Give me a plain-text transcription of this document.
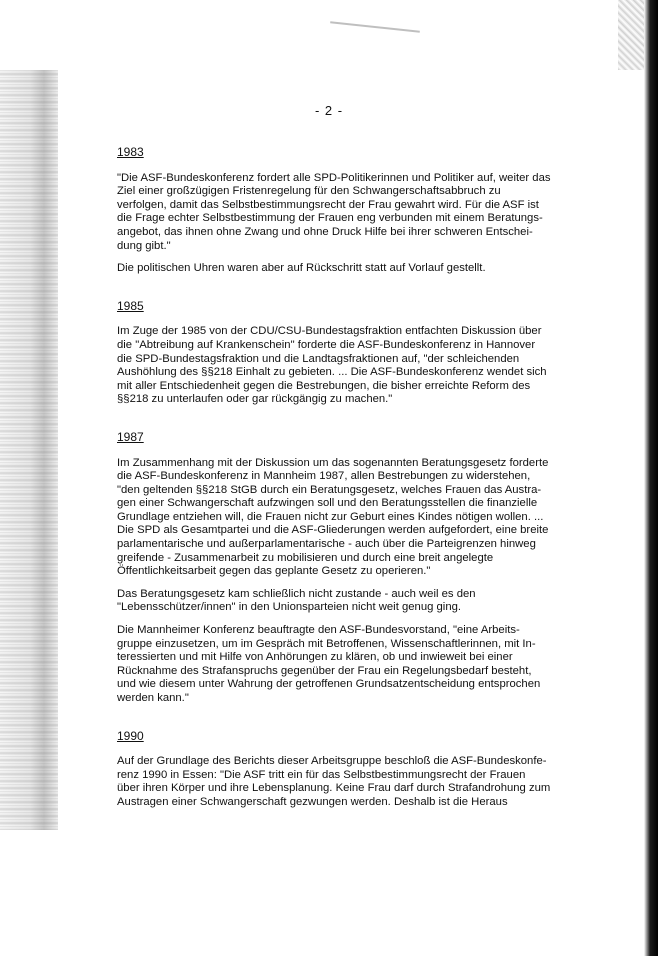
- 2 -
1983

"Die ASF-Bundeskonferenz fordert alle SPD-Politikerinnen und Politiker auf, weiter das Ziel einer großzügigen Fristenregelung für den Schwangerschaftsabbruch zu verfolgen, damit das Selbstbestimmungsrecht der Frau gewahrt wird. Für die ASF ist die Frage echter Selbstbestimmung der Frauen eng verbunden mit einem Beratungs-angebot, das ihnen ohne Zwang und ohne Druck Hilfe bei ihrer schweren Entschei-dung gibt."

Die politischen Uhren waren aber auf Rückschritt statt auf Vorlauf gestellt.

1985

Im Zuge der 1985 von der CDU/CSU-Bundestagsfraktion entfachten Diskussion über die "Abtreibung auf Krankenschein" forderte die ASF-Bundeskonferenz in Hannover die SPD-Bundestagsfraktion und die Landtagsfraktionen auf, "der schleichenden Aushöhlung des §§218 Einhalt zu gebieten. ... Die ASF-Bundeskonferenz wendet sich mit aller Entschiedenheit gegen die Bestrebungen, die bisher erreichte Reform des §§218 zu unterlaufen oder gar rückgängig zu machen."

1987

Im Zusammenhang mit der Diskussion um das sogenannten Beratungsgesetz forderte die ASF-Bundeskonferenz in Mannheim 1987, allen Bestrebungen zu widerstehen, "den geltenden §§218 StGB durch ein Beratungsgesetz, welches Frauen das Austra-gen einer Schwangerschaft aufzwingen soll und den Beratungsstellen die finanzielle Grundlage entziehen will, die Frauen nicht zur Geburt eines Kindes nötigen wollen. ... Die SPD als Gesamtpartei und die ASF-Gliederungen werden aufgefordert, eine breite parlamentarische und außerparlamentarische - auch über die Parteigrenzen hinweg greifende - Zusammenarbeit zu mobilisieren und durch eine breit angelegte Öffentlichkeitsarbeit gegen das geplante Gesetz zu operieren."

Das Beratungsgesetz kam schließlich nicht zustande - auch weil es den "Lebensschützer/innen" in den Unionsparteien nicht weit genug ging.

Die Mannheimer Konferenz beauftragte den ASF-Bundesvorstand, "eine Arbeits-gruppe einzusetzen, um im Gespräch mit Betroffenen, Wissenschaftlerinnen, mit In-teressierten und mit Hilfe von Anhörungen zu klären, ob und inwieweit bei einer Rücknahme des Strafanspruchs gegenüber der Frau ein Regelungsbedarf besteht, und wie diesem unter Wahrung der getroffenen Grundsatzentscheidung entsprochen werden kann."

1990

Auf der Grundlage des Berichts dieser Arbeitsgruppe beschloß die ASF-Bundeskonfe-renz 1990 in Essen: "Die ASF tritt ein für das Selbstbestimmungsrecht der Frauen über ihren Körper und ihre Lebensplanung. Keine Frau darf durch Strafandrohung zum Austragen einer Schwangerschaft gezwungen werden. Deshalb ist die Heraus
